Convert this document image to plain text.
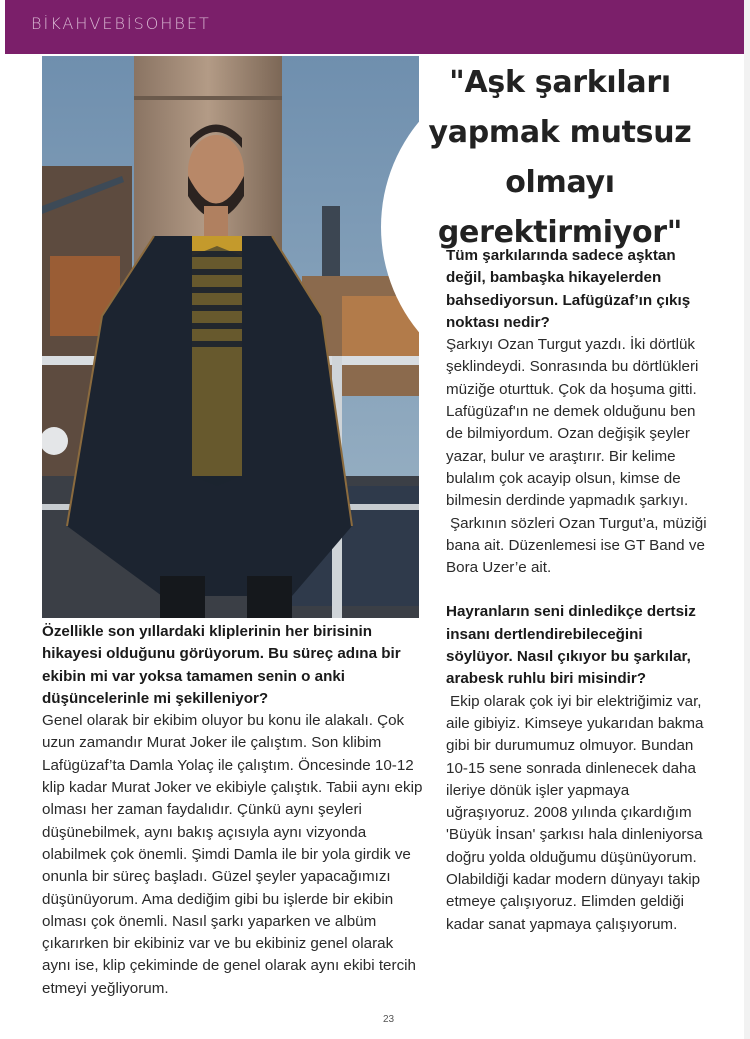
BİKAHVEBİSOHBET
"Aşk şarkıları yapmak mutsuz olmayı gerektirmiyor"

Tüm şarkılarında sadece aşktan değil, bambaşka hikayelerden bahsediyorsun. Lafügüzaf’ın çıkış noktası nedir?

Şarkıyı Ozan Turgut yazdı. İki dörtlük şeklindeydi. Sonrasında bu dörtlükleri müziğe oturttuk. Çok da hoşuma gitti. Lafügüzaf'ın ne demek olduğunu ben de bilmiyordum. Ozan değişik şeyler yazar, bulur ve araştırır. Bir kelime bulalım çok acayip olsun, kimse de bilmesin derdinde yapmadık şarkıyı.

Şarkının sözleri Ozan Turgut’a, müziği bana ait. Düzenlemesi ise GT Band ve Bora Uzer’e ait.

Hayranların seni dinledikçe dertsiz insanı dertlendirebileceğini söylüyor. Nasıl çıkıyor bu şarkılar, arabesk ruhlu biri misindir?

Ekip olarak çok iyi bir elektriğimiz var, aile gibiyiz. Kimseye yukarıdan bakma gibi bir durumumuz olmuyor. Bundan 10-15 sene sonrada dinlenecek daha ileriye dönük işler yapmaya uğraşıyoruz. 2008 yılında çıkardığım 'Büyük İnsan' şarkısı hala dinleniyorsa doğru yolda olduğumu düşünüyorum. Olabildiği kadar modern dünyayı takip etmeye çalışıyoruz. Elimden geldiği kadar sanat yapmaya çalışıyorum.

Özellikle son yıllardaki kliplerinin her birisinin hikayesi olduğunu görüyorum. Bu süreç adına bir ekibin mi var yoksa tamamen senin o anki düşüncelerinle mi şekilleniyor?

Genel olarak bir ekibim oluyor bu konu ile alakalı. Çok uzun zamandır Murat Joker ile çalıştım. Son klibim Lafügüzaf’ta Damla Yolaç ile çalıştım. Öncesinde 10-12 klip kadar Murat Joker ve ekibiyle çalıştık. Tabii aynı ekip olması her zaman faydalıdır. Çünkü aynı şeyleri düşünebilmek, aynı bakış açısıyla aynı vizyonda olabilmek çok önemli. Şimdi Damla ile bir yola girdik ve onunla bir süreç başladı. Güzel şeyler yapacağımızı düşünüyorum. Ama dediğim gibi bu işlerde bir ekibin olması çok önemli. Nasıl şarkı yaparken ve albüm çıkarırken bir ekibiniz var ve bu ekibiniz genel olarak aynı ise, klip çekiminde de genel olarak aynı ekibi tercih etmeyi yeğliyorum.

23
